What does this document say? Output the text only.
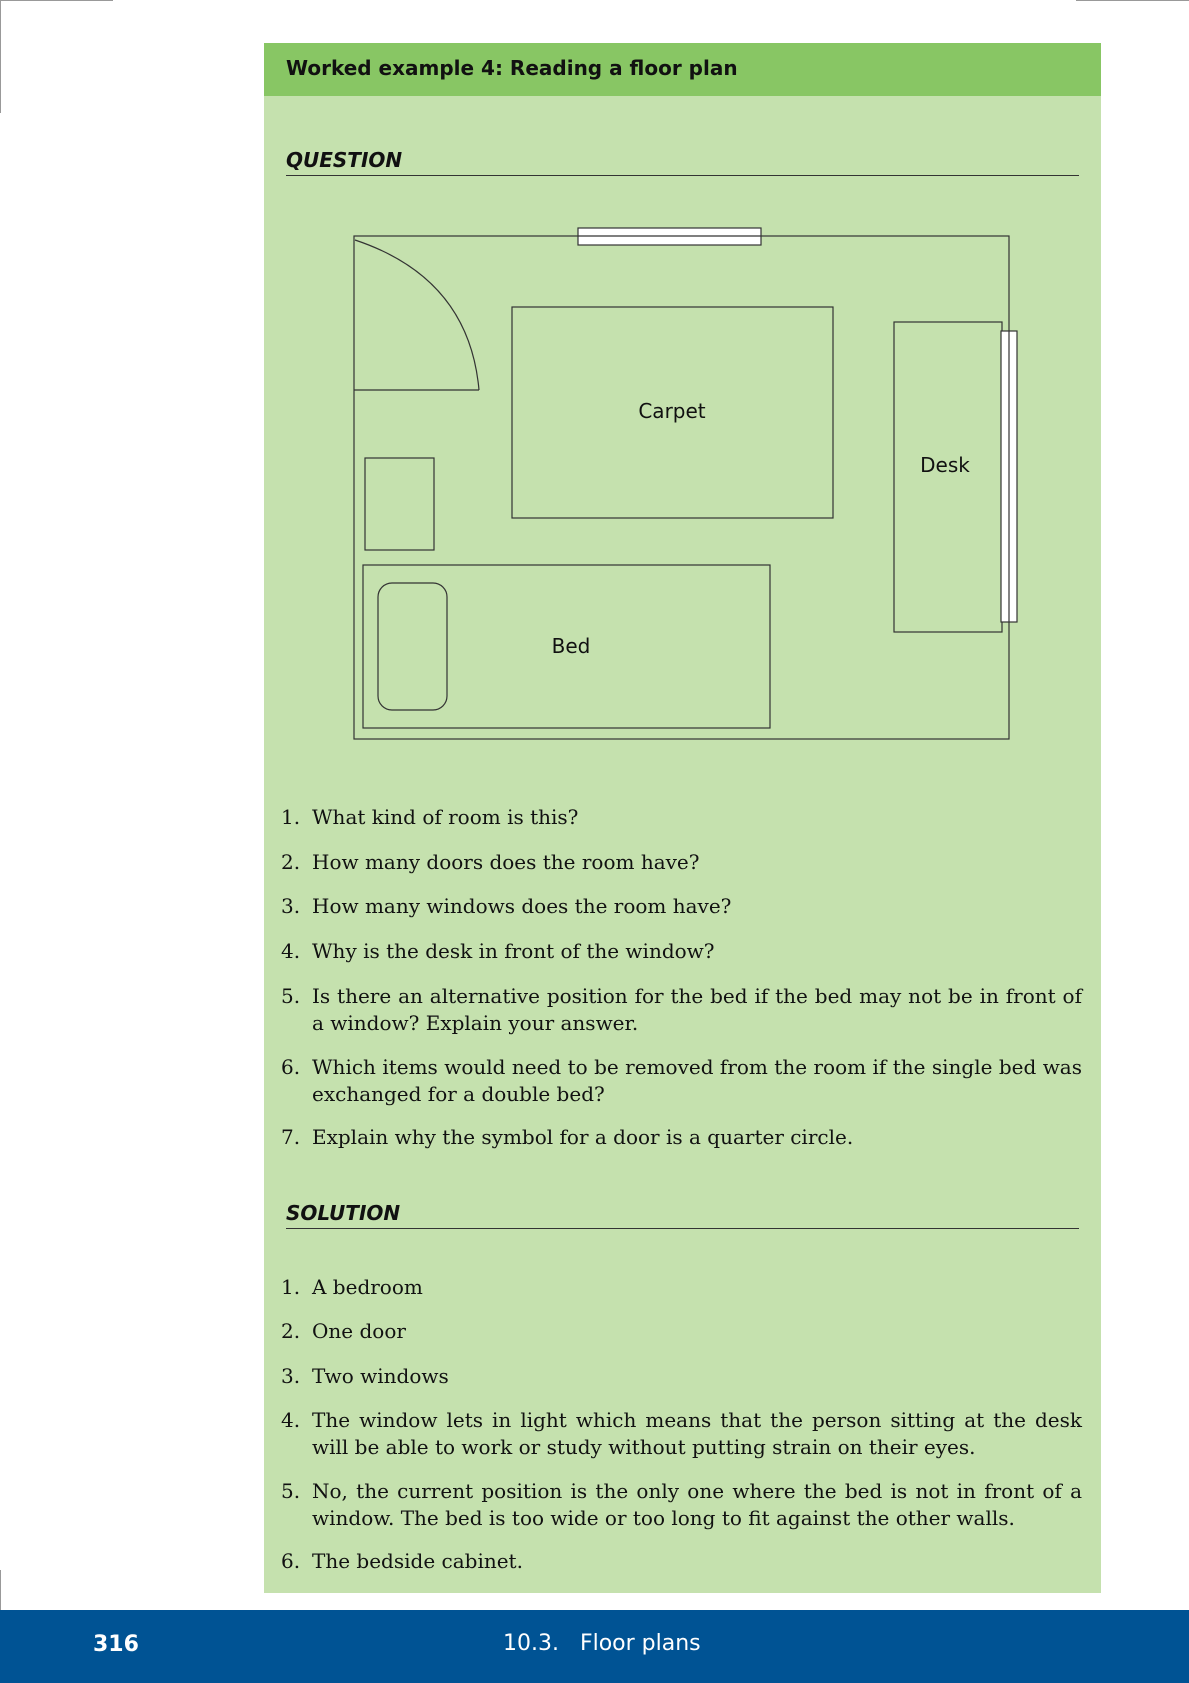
Worked example 4: Reading a floor plan
QUESTION
Carpet
Desk
Bed
1. What kind of room is this?
2. How many doors does the room have?
3. How many windows does the room have?
4. Why is the desk in front of the window?
5. Is there an alternative position for the bed if the bed may not be in front of a window? Explain your answer.
6. Which items would need to be removed from the room if the single bed was exchanged for a double bed?
7. Explain why the symbol for a door is a quarter circle.
SOLUTION
1. A bedroom
2. One door
3. Two windows
4. The window lets in light which means that the person sitting at the desk will be able to work or study without putting strain on their eyes.
5. No, the current position is the only one where the bed is not in front of a window. The bed is too wide or too long to fit against the other walls.
6. The bedside cabinet.
316	10.3.   Floor plans
